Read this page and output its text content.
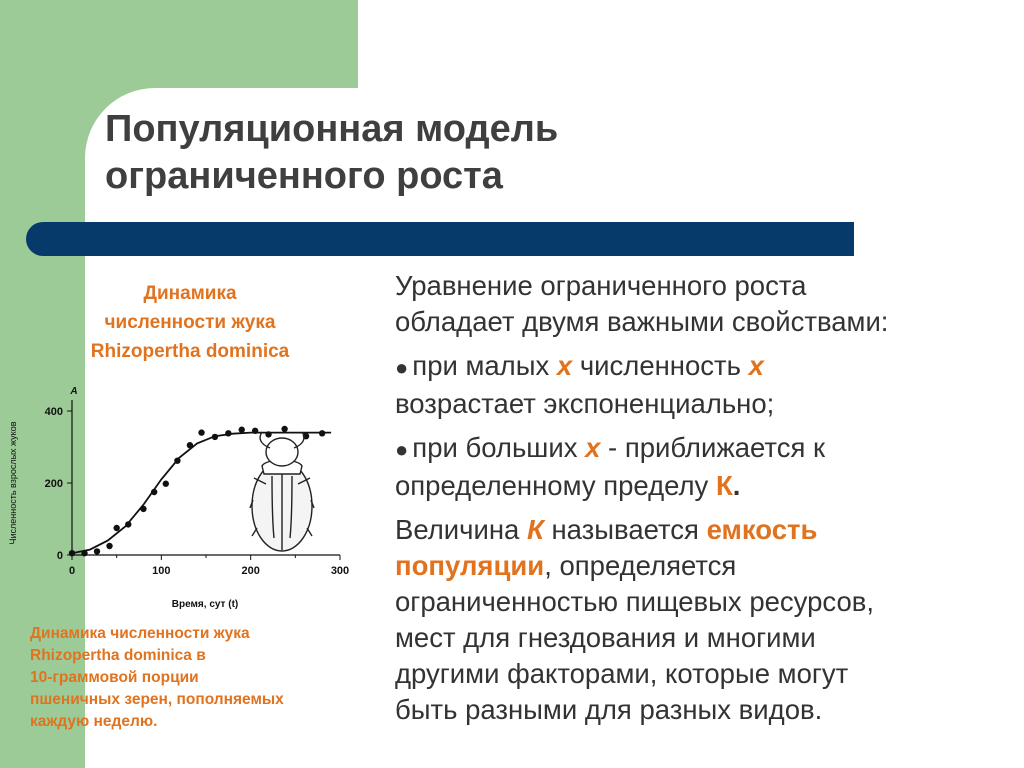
Популяционная модель
ограниченного роста
Динамика
численности жука
Rhizopertha dominica
Время, сут (t)
Численность взрослых жуков
A
400
200
0
300
200
100
0
Динамика численности жука
Rhizopertha dominica в
10-граммовой порции
пшеничных зерен, пополняемых
каждую неделю.

Уравнение ограниченного роста
обладает двумя важными свойствами:

● при малых х численность х
возрастает экспоненциально;

● при больших х - приближается к
определенному пределу К.

Величина К называется емкость
популяции, определяется
ограниченностью пищевых ресурсов,
мест для гнездования и многими
другими факторами, которые могут
быть разными для разных видов.
